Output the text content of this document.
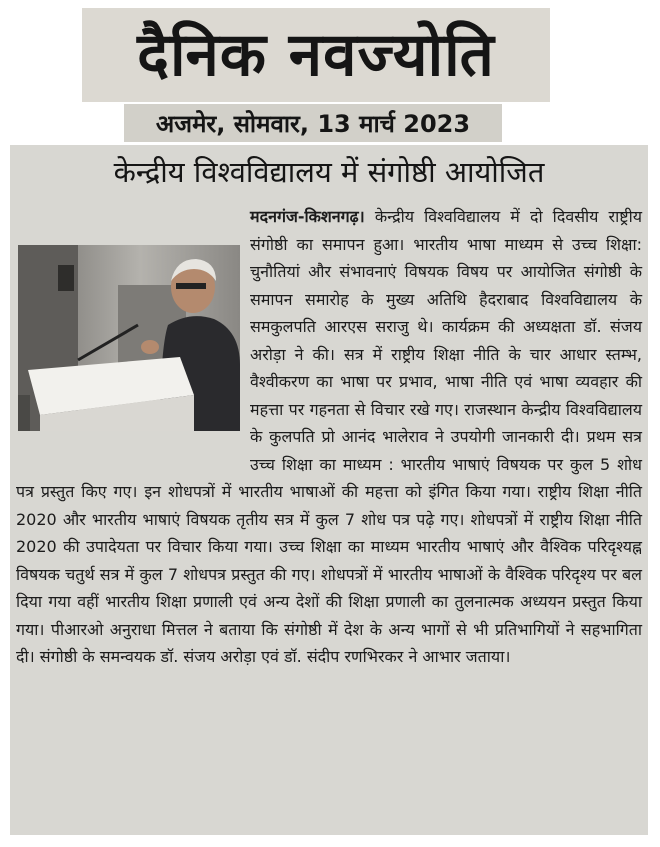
दैनिक नवज्योति
अजमेर, सोमवार, 13 मार्च 2023
केन्द्रीय विश्वविद्यालय में संगोष्ठी आयोजित
मदनगंज-किशनगढ़। केन्द्रीय विश्वविद्यालय में दो दिवसीय राष्ट्रीय संगोष्ठी का समापन हुआ। भारतीय भाषा माध्यम से उच्च शिक्षा: चुनौतियां और संभावनाएं विषयक विषय पर आयोजित संगोष्ठी के समापन समारोह के मुख्य अतिथि हैदराबाद विश्वविद्यालय के समकुलपति आरएस सराजु थे। कार्यक्रम की अध्यक्षता डॉ. संजय अरोड़ा ने की। सत्र में राष्ट्रीय शिक्षा नीति के चार आधार स्तम्भ, वैश्वीकरण का भाषा पर प्रभाव, भाषा नीति एवं भाषा व्यवहार की महत्ता पर गहनता से विचार रखे गए। राजस्थान केन्द्रीय विश्वविद्यालय के कुलपति प्रो आनंद भालेराव ने उपयोगी जानकारी दी। प्रथम सत्र उच्च शिक्षा का माध्यम : भारतीय भाषाएं विषयक पर कुल 5 शोध पत्र प्रस्तुत किए गए। इन शोधपत्रों में भारतीय भाषाओं की महत्ता को इंगित किया गया। राष्ट्रीय शिक्षा नीति 2020 और भारतीय भाषाएं विषयक तृतीय सत्र में कुल 7 शोध पत्र पढ़े गए। शोधपत्रों में राष्ट्रीय शिक्षा नीति 2020 की उपादेयता पर विचार किया गया। उच्च शिक्षा का माध्यम भारतीय भाषाएं और वैश्विक परिदृश्यह्न विषयक चतुर्थ सत्र में कुल 7 शोधपत्र प्रस्तुत की गए। शोधपत्रों में भारतीय भाषाओं के वैश्विक परिदृश्य पर बल दिया गया वहीं भारतीय शिक्षा प्रणाली एवं अन्य देशों की शिक्षा प्रणाली का तुलनात्मक अध्ययन प्रस्तुत किया गया। पीआरओ अनुराधा मित्तल ने बताया कि संगोष्ठी में देश के अन्य भागों से भी प्रतिभागियों ने सहभागिता दी। संगोष्ठी के समन्वयक डॉ. संजय अरोड़ा एवं डॉ. संदीप रणभिरकर ने आभार जताया।
